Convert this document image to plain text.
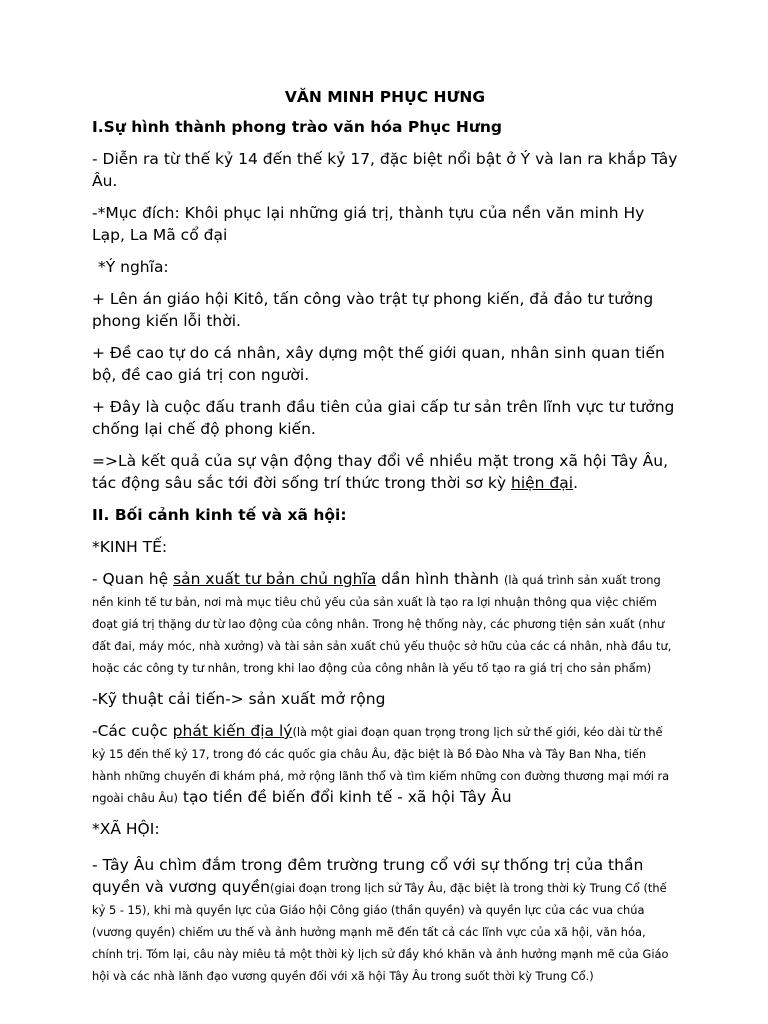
VĂN MINH PHỤC HƯNG

I.Sự hình thành phong trào văn hóa Phục Hưng

- Diễn ra từ thế kỷ 14 đến thế kỷ 17, đặc biệt nổi bật ở Ý và lan ra khắp Tây Âu.

-*Mục đích: Khôi phục lại những giá trị, thành tựu của nền văn minh Hy Lạp, La Mã cổ đại

*Ý nghĩa:

+ Lên án giáo hội Kitô, tấn công vào trật tự phong kiến, đả đảo tư tưởng phong kiến lỗi thời.

+ Đề cao tự do cá nhân, xây dựng một thế giới quan, nhân sinh quan tiến bộ, đề cao giá trị con người.

+ Đây là cuộc đấu tranh đầu tiên của giai cấp tư sản trên lĩnh vực tư tưởng chống lại chế độ phong kiến.

=>Là kết quả của sự vận động thay đổi về nhiều mặt trong xã hội Tây Âu, tác động sâu sắc tới đời sống trí thức trong thời sơ kỳ hiện đại.

II. Bối cảnh kinh tế và xã hội:

*KINH TẾ:

- Quan hệ sản xuất tư bản chủ nghĩa dần hình thành (là quá trình sản xuất trong nền kinh tế tư bản, nơi mà mục tiêu chủ yếu của sản xuất là tạo ra lợi nhuận thông qua việc chiếm đoạt giá trị thặng dư từ lao động của công nhân. Trong hệ thống này, các phương tiện sản xuất (như đất đai, máy móc, nhà xưởng) và tài sản sản xuất chủ yếu thuộc sở hữu của các cá nhân, nhà đầu tư, hoặc các công ty tư nhân, trong khi lao động của công nhân là yếu tố tạo ra giá trị cho sản phẩm)

-Kỹ thuật cải tiến-> sản xuất mở rộng

-Các cuộc phát kiến địa lý(là một giai đoạn quan trọng trong lịch sử thế giới, kéo dài từ thế kỷ 15 đến thế kỷ 17, trong đó các quốc gia châu Âu, đặc biệt là Bồ Đào Nha và Tây Ban Nha, tiến hành những chuyến đi khám phá, mở rộng lãnh thổ và tìm kiếm những con đường thương mại mới ra ngoài châu Âu) tạo tiền đề biến đổi kinh tế - xã hội Tây Âu

*XÃ HỘI:

- Tây Âu chìm đắm trong đêm trường trung cổ với sự thống trị của thần quyền và vương quyền(giai đoạn trong lịch sử Tây Âu, đặc biệt là trong thời kỳ Trung Cổ (thế kỷ 5 - 15), khi mà quyền lực của Giáo hội Công giáo (thần quyền) và quyền lực của các vua chúa (vương quyền) chiếm ưu thế và ảnh hưởng mạnh mẽ đến tất cả các lĩnh vực của xã hội, văn hóa, chính trị. Tóm lại, câu này miêu tả một thời kỳ lịch sử đầy khó khăn và ảnh hưởng mạnh mẽ của Giáo hội và các nhà lãnh đạo vương quyền đối với xã hội Tây Âu trong suốt thời kỳ Trung Cổ.)
